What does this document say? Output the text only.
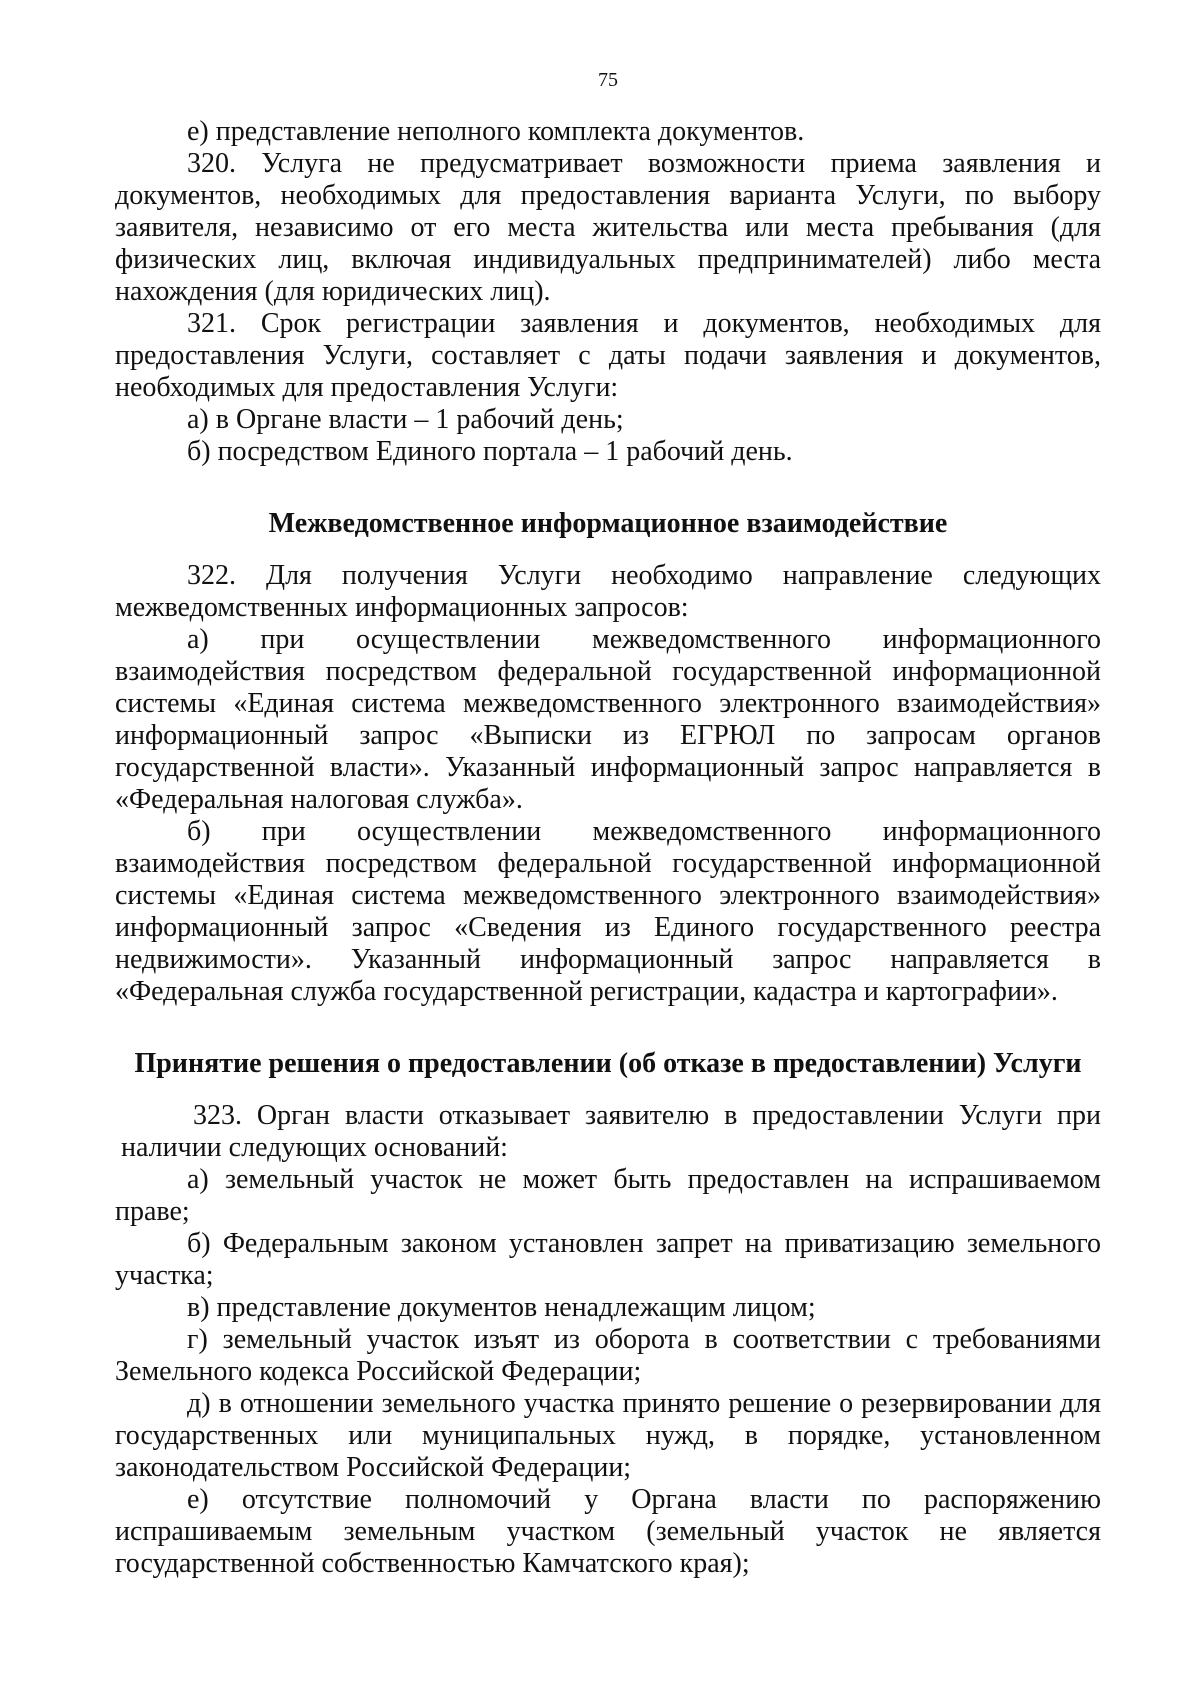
75

е) представление неполного комплекта документов.

320. Услуга не предусматривает возможности приема заявления и документов, необходимых для предоставления варианта Услуги, по выбору заявителя, независимо от его места жительства или места пребывания (для физических лиц, включая индивидуальных предпринимателей) либо места нахождения (для юридических лиц).

321. Срок регистрации заявления и документов, необходимых для предоставления Услуги, составляет с даты подачи заявления и документов, необходимых для предоставления Услуги:

а) в Органе власти – 1 рабочий день;

б) посредством Единого портала – 1 рабочий день.

Межведомственное информационное взаимодействие

322. Для получения Услуги необходимо направление следующих межведомственных информационных запросов:

а) при осуществлении межведомственного информационного взаимодействия посредством федеральной государственной информационной системы «Единая система межведомственного электронного взаимодействия» информационный запрос «Выписки из ЕГРЮЛ по запросам органов государственной власти». Указанный информационный запрос направляется в «Федеральная налоговая служба».

б) при осуществлении межведомственного информационного взаимодействия посредством федеральной государственной информационной системы «Единая система межведомственного электронного взаимодействия» информационный запрос «Сведения из Единого государственного реестра недвижимости». Указанный информационный запрос направляется в «Федеральная служба государственной регистрации, кадастра и картографии».

Принятие решения о предоставлении (об отказе в предоставлении) Услуги

323. Орган власти отказывает заявителю в предоставлении Услуги при наличии следующих оснований:

а) земельный участок не может быть предоставлен на испрашиваемом праве;

б) Федеральным законом установлен запрет на приватизацию земельного участка;

в) представление документов ненадлежащим лицом;

г) земельный участок изъят из оборота в соответствии с требованиями Земельного кодекса Российской Федерации;

д) в отношении земельного участка принято решение о резервировании для государственных или муниципальных нужд, в порядке, установленном законодательством Российской Федерации;

е) отсутствие полномочий у Органа власти по распоряжению испрашиваемым земельным участком (земельный участок не является государственной собственностью Камчатского края);
